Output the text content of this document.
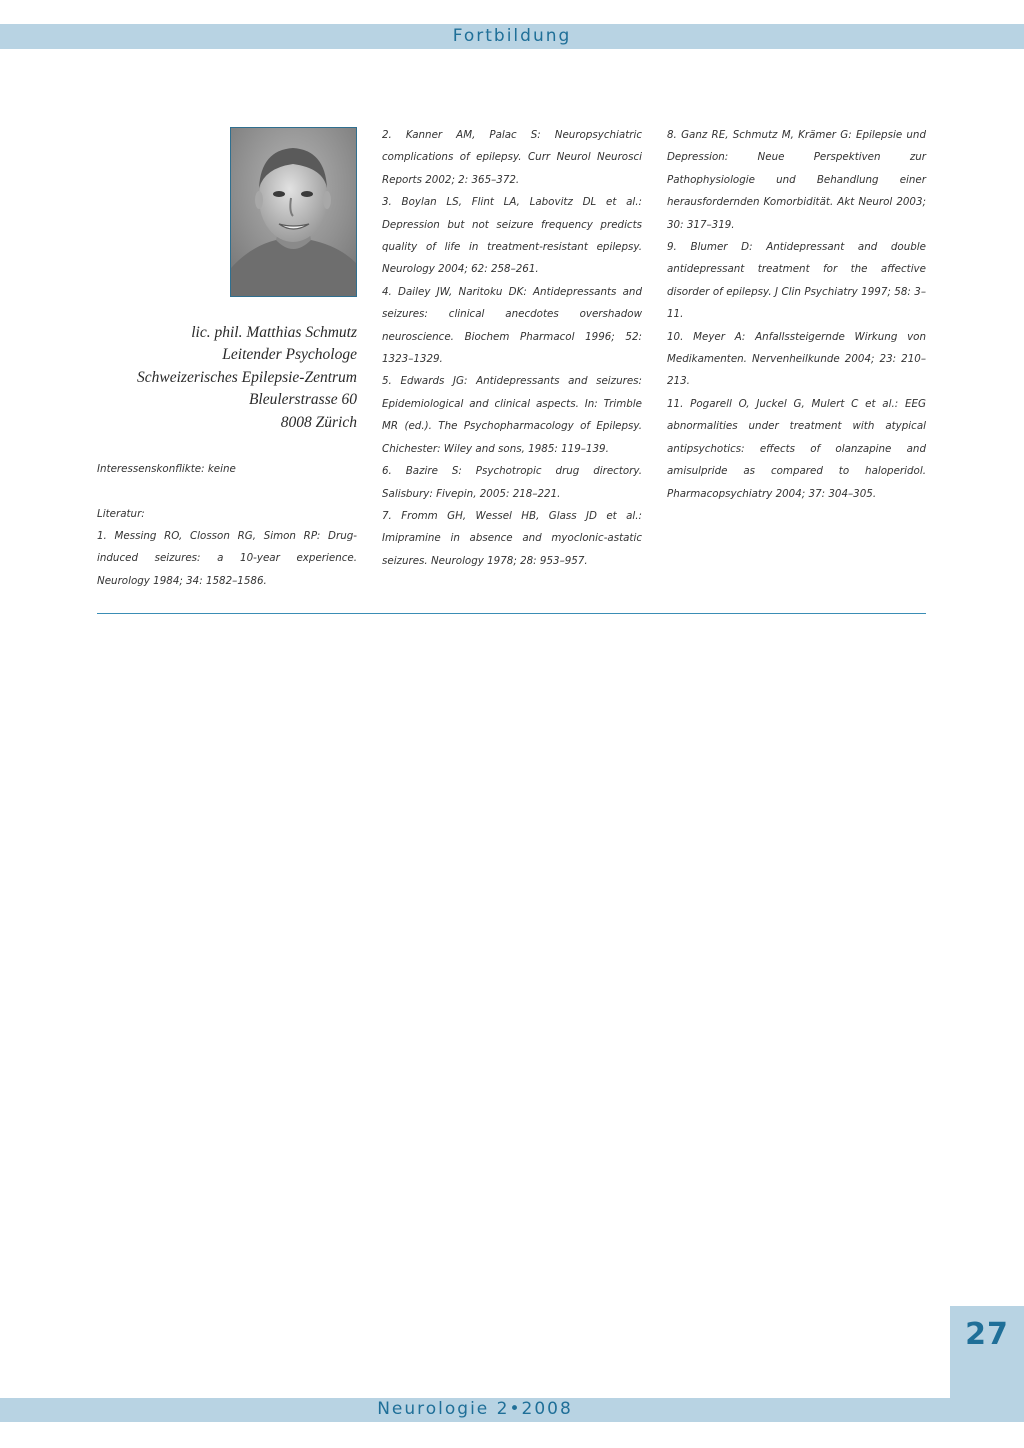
Fortbildung
lic. phil. Matthias Schmutz
Leitender Psychologe
Schweizerisches Epilepsie-Zentrum
Bleulerstrasse 60
8008 Zürich
Interessenskonflikte: keine
Literatur:
1. Messing RO, Closson RG, Simon RP: Drug-induced seizures: a 10-year experience. Neurology 1984; 34: 1582–1586.
2. Kanner AM, Palac S: Neuropsychiatric complications of epilepsy. Curr Neurol Neurosci Reports 2002; 2: 365–372.
3. Boylan LS, Flint LA, Labovitz DL et al.: Depression but not seizure frequency predicts quality of life in treatment-resistant epilepsy. Neurology 2004; 62: 258–261.
4. Dailey JW, Naritoku DK: Antidepressants and seizures: clinical anecdotes overshadow neuroscience. Biochem Pharmacol 1996; 52: 1323–1329.
5. Edwards JG: Antidepressants and seizures: Epidemiological and clinical aspects. In: Trimble MR (ed.). The Psychopharmacology of Epilepsy. Chichester: Wiley and sons, 1985: 119–139.
6. Bazire S: Psychotropic drug directory. Salisbury: Fivepin, 2005: 218–221.
7. Fromm GH, Wessel HB, Glass JD et al.: Imipramine in absence and myoclonic-astatic seizures. Neurology 1978; 28: 953–957.
8. Ganz RE, Schmutz M, Krämer G: Epilepsie und Depression: Neue Perspektiven zur Pathophysiologie und Behandlung einer herausfordernden Komorbidität. Akt Neurol 2003; 30: 317–319.
9. Blumer D: Antidepressant and double antidepressant treatment for the affective disorder of epilepsy. J Clin Psychiatry 1997; 58: 3–11.
10. Meyer A: Anfallssteigernde Wirkung von Medikamenten. Nervenheilkunde 2004; 23: 210–213.
11. Pogarell O, Juckel G, Mulert C et al.: EEG abnormalities under treatment with atypical antipsychotics: effects of olanzapine and amisulpride as compared to haloperidol. Pharmacopsychiatry 2004; 37: 304–305.
27
Neurologie 2•2008
